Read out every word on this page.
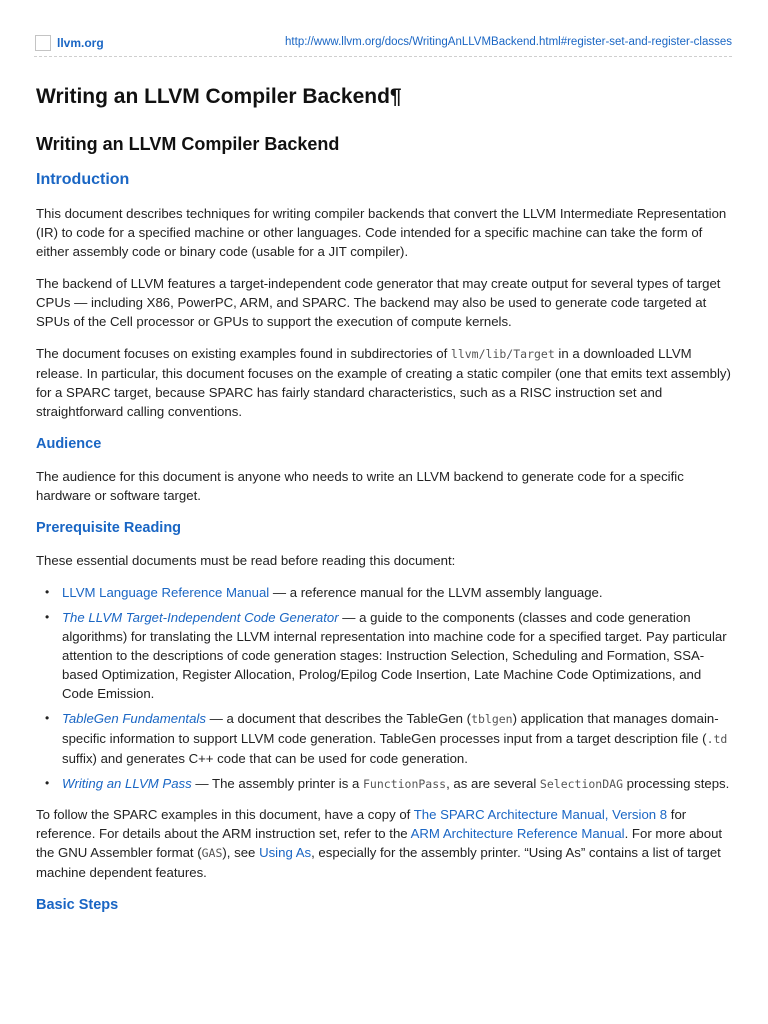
llvm.org	http://www.llvm.org/docs/WritingAnLLVMBackend.html#register-set-and-register-classes
Writing an LLVM Compiler Backend¶
Writing an LLVM Compiler Backend
Introduction

This document describes techniques for writing compiler backends that convert the LLVM Intermediate Representation (IR) to code for a specified machine or other languages. Code intended for a specific machine can take the form of either assembly code or binary code (usable for a JIT compiler).

The backend of LLVM features a target-independent code generator that may create output for several types of target CPUs — including X86, PowerPC, ARM, and SPARC. The backend may also be used to generate code targeted at SPUs of the Cell processor or GPUs to support the execution of compute kernels.

The document focuses on existing examples found in subdirectories of llvm/lib/Target in a downloaded LLVM release. In particular, this document focuses on the example of creating a static compiler (one that emits text assembly) for a SPARC target, because SPARC has fairly standard characteristics, such as a RISC instruction set and straightforward calling conventions.

Audience

The audience for this document is anyone who needs to write an LLVM backend to generate code for a specific hardware or software target.

Prerequisite Reading

These essential documents must be read before reading this document:

• LLVM Language Reference Manual — a reference manual for the LLVM assembly language.
• The LLVM Target-Independent Code Generator — a guide to the components (classes and code generation algorithms) for translating the LLVM internal representation into machine code for a specified target. Pay particular attention to the descriptions of code generation stages: Instruction Selection, Scheduling and Formation, SSA-based Optimization, Register Allocation, Prolog/Epilog Code Insertion, Late Machine Code Optimizations, and Code Emission.
• TableGen Fundamentals — a document that describes the TableGen (tblgen) application that manages domain-specific information to support LLVM code generation. TableGen processes input from a target description file (.td suffix) and generates C++ code that can be used for code generation.
• Writing an LLVM Pass — The assembly printer is a FunctionPass, as are several SelectionDAG processing steps.

To follow the SPARC examples in this document, have a copy of The SPARC Architecture Manual, Version 8 for reference. For details about the ARM instruction set, refer to the ARM Architecture Reference Manual. For more about the GNU Assembler format (GAS), see Using As, especially for the assembly printer. “Using As” contains a list of target machine dependent features.

Basic Steps
